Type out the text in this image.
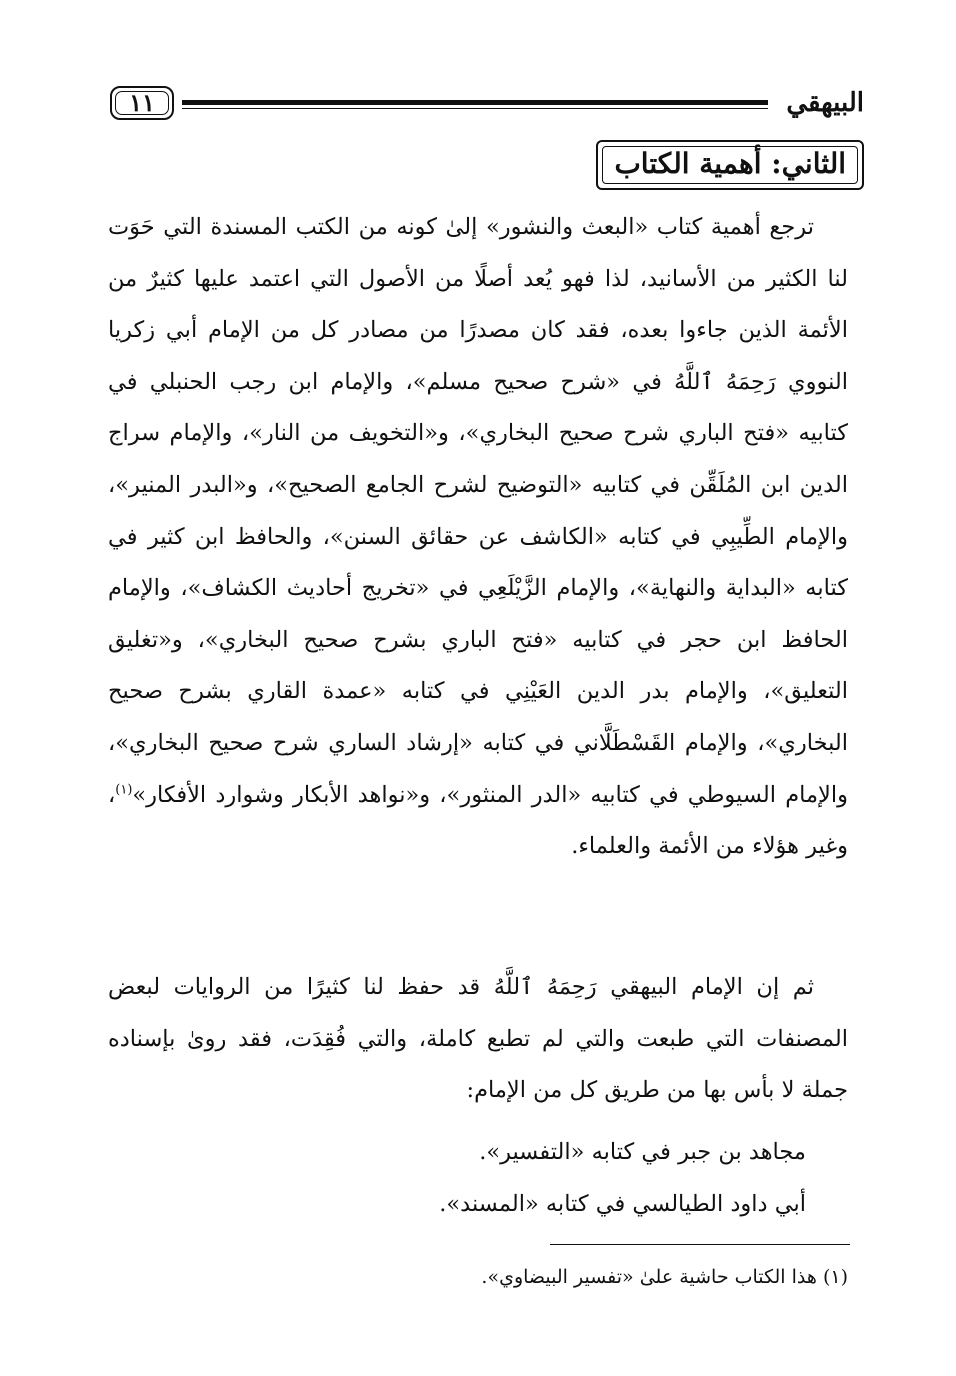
البيهقي
١١
الثاني: أهمية الكتاب

ترجع أهمية كتاب «البعث والنشور» إلىٰ كونه من الكتب المسندة التي حَوَت لنا الكثير من الأسانيد، لذا فهو يُعد أصلًا من الأصول التي اعتمد عليها كثيرٌ من الأئمة الذين جاءوا بعده، فقد كان مصدرًا من مصادر كل من الإمام أبي زكريا النووي رَحِمَهُ ٱللَّهُ في «شرح صحيح مسلم»، والإمام ابن رجب الحنبلي في كتابيه «فتح الباري شرح صحيح البخاري»، و«التخويف من النار»، والإمام سراج الدين ابن المُلَقِّن في كتابيه «التوضيح لشرح الجامع الصحيح»، و«البدر المنير»، والإمام الطِّيبِي في كتابه «الكاشف عن حقائق السنن»، والحافظ ابن كثير في كتابه «البداية والنهاية»، والإمام الزَّيْلَعِي في «تخريج أحاديث الكشاف»، والإمام الحافظ ابن حجر في كتابيه «فتح الباري بشرح صحيح البخاري»، و«تغليق التعليق»، والإمام بدر الدين العَيْنِي في كتابه «عمدة القاري بشرح صحيح البخاري»، والإمام القَسْطَلَّاني في كتابه «إرشاد الساري شرح صحيح البخاري»، والإمام السيوطي في كتابيه «الدر المنثور»، و«نواهد الأبكار وشوارد الأفكار»$^{(١)}$، وغير هؤلاء من الأئمة والعلماء.

ثم إن الإمام البيهقي رَحِمَهُ ٱللَّهُ قد حفظ لنا كثيرًا من الروايات لبعض المصنفات التي طبعت والتي لم تطبع كاملة، والتي فُقِدَت، فقد روىٰ بإسناده جملة لا بأس بها من طريق كل من الإمام:

مجاهد بن جبر في كتابه «التفسير».
أبي داود الطيالسي في كتابه «المسند».
(١) هذا الكتاب حاشية علىٰ «تفسير البيضاوي».
